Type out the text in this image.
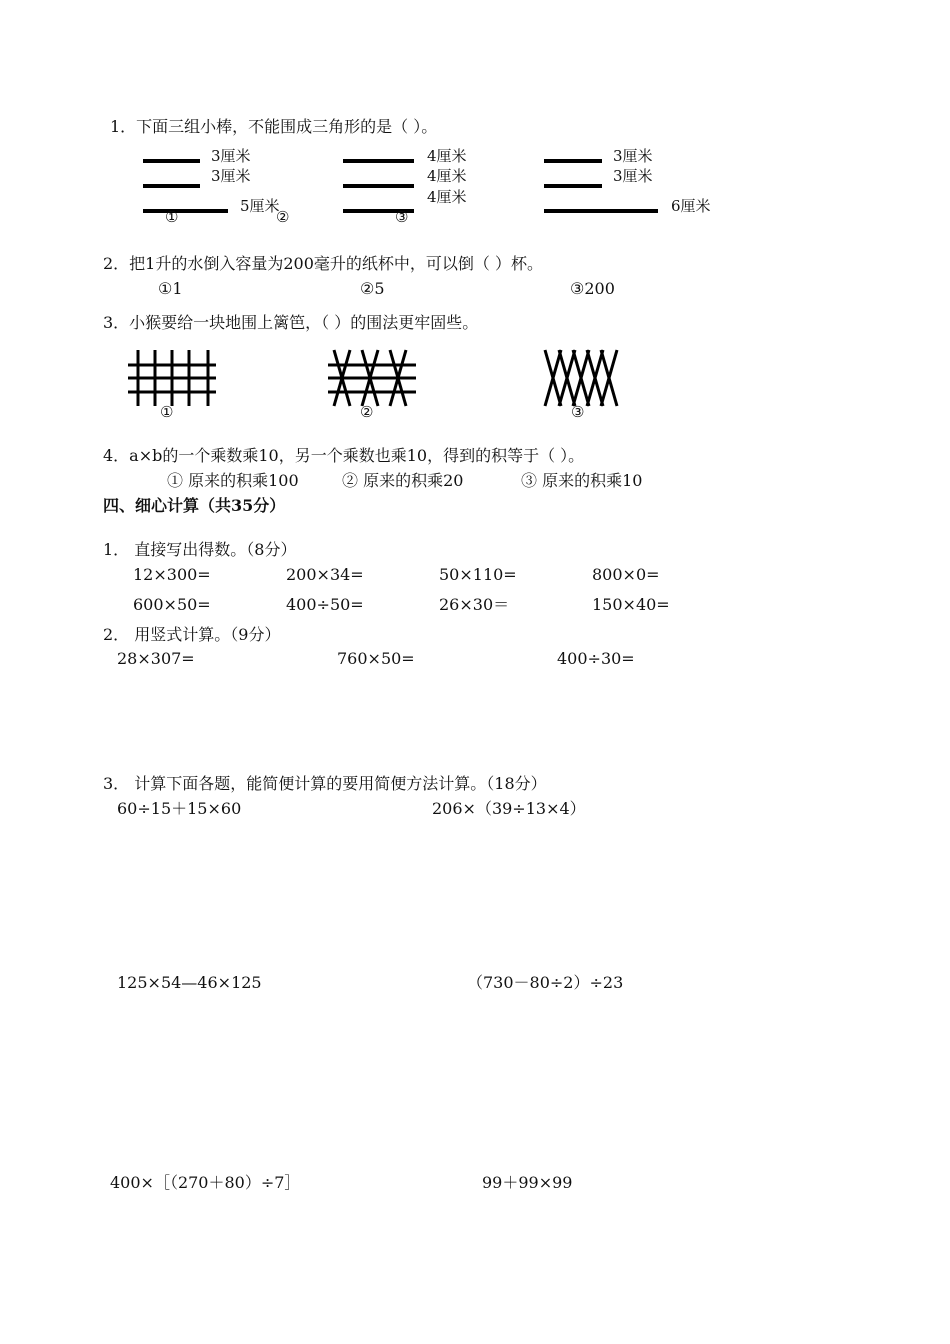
1．下面三组小棒，不能围成三角形的是（ ）。
3厘米
3厘米
5厘米
①
4厘米
4厘米
4厘米
②	③
3厘米
3厘米
6厘米
2．把1升的水倒入容量为200毫升的纸杯中，可以倒（ ）杯。
①1	②5	③200
3．小猴要给一块地围上篱笆，（ ）的围法更牢固些。
①	②	③
4．a×b的一个乘数乘10，另一个乘数也乘10，得到的积等于（ ）。
① 原来的积乘100	② 原来的积乘20	③ 原来的积乘10
四、细心计算（共35分）
1． 直接写出得数。（8分）
12×300=	200×34=	50×110=	800×0=
600×50=	400÷50=	26×30＝	150×40=
2． 用竖式计算。（9分）
28×307=	760×50=	400÷30=
3． 计算下面各题，能简便计算的要用简便方法计算。（18分）
60÷15＋15×60	206×（39÷13×4）
125×54—46×125	（730－80÷2）÷23
400×［（270＋80）÷7］	99＋99×99
